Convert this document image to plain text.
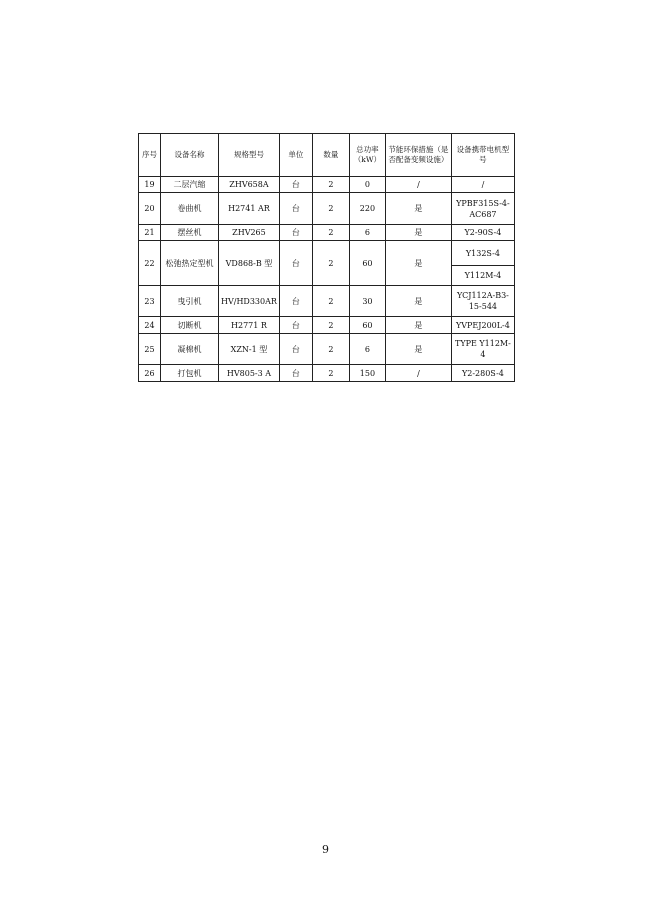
序号	设备名称	规格型号	单位	数量	总功率（kW）	节能环保措施（是否配备变频设施）	设备携带电机型号
19	二层汽缩	ZHV658A	台	2	0	/	/
20	卷曲机	H2741 AR	台	2	220	是	YPBF315S-4-AC687
21	摆丝机	ZHV265	台	2	6	是	Y2-90S-4
22	松弛热定型机	VD868-B 型	台	2	60	是	Y132S-4
							Y112M-4
23	曳引机	HV/HD330AR	台	2	30	是	YCJ112A-B3-15-544
24	切断机	H2771 R	台	2	60	是	YVPEJ200L-4
25	凝棉机	XZN-1 型	台	2	6	是	TYPE Y112M-4
26	打包机	HV805-3 A	台	2	150	/	Y2-280S-4
9
